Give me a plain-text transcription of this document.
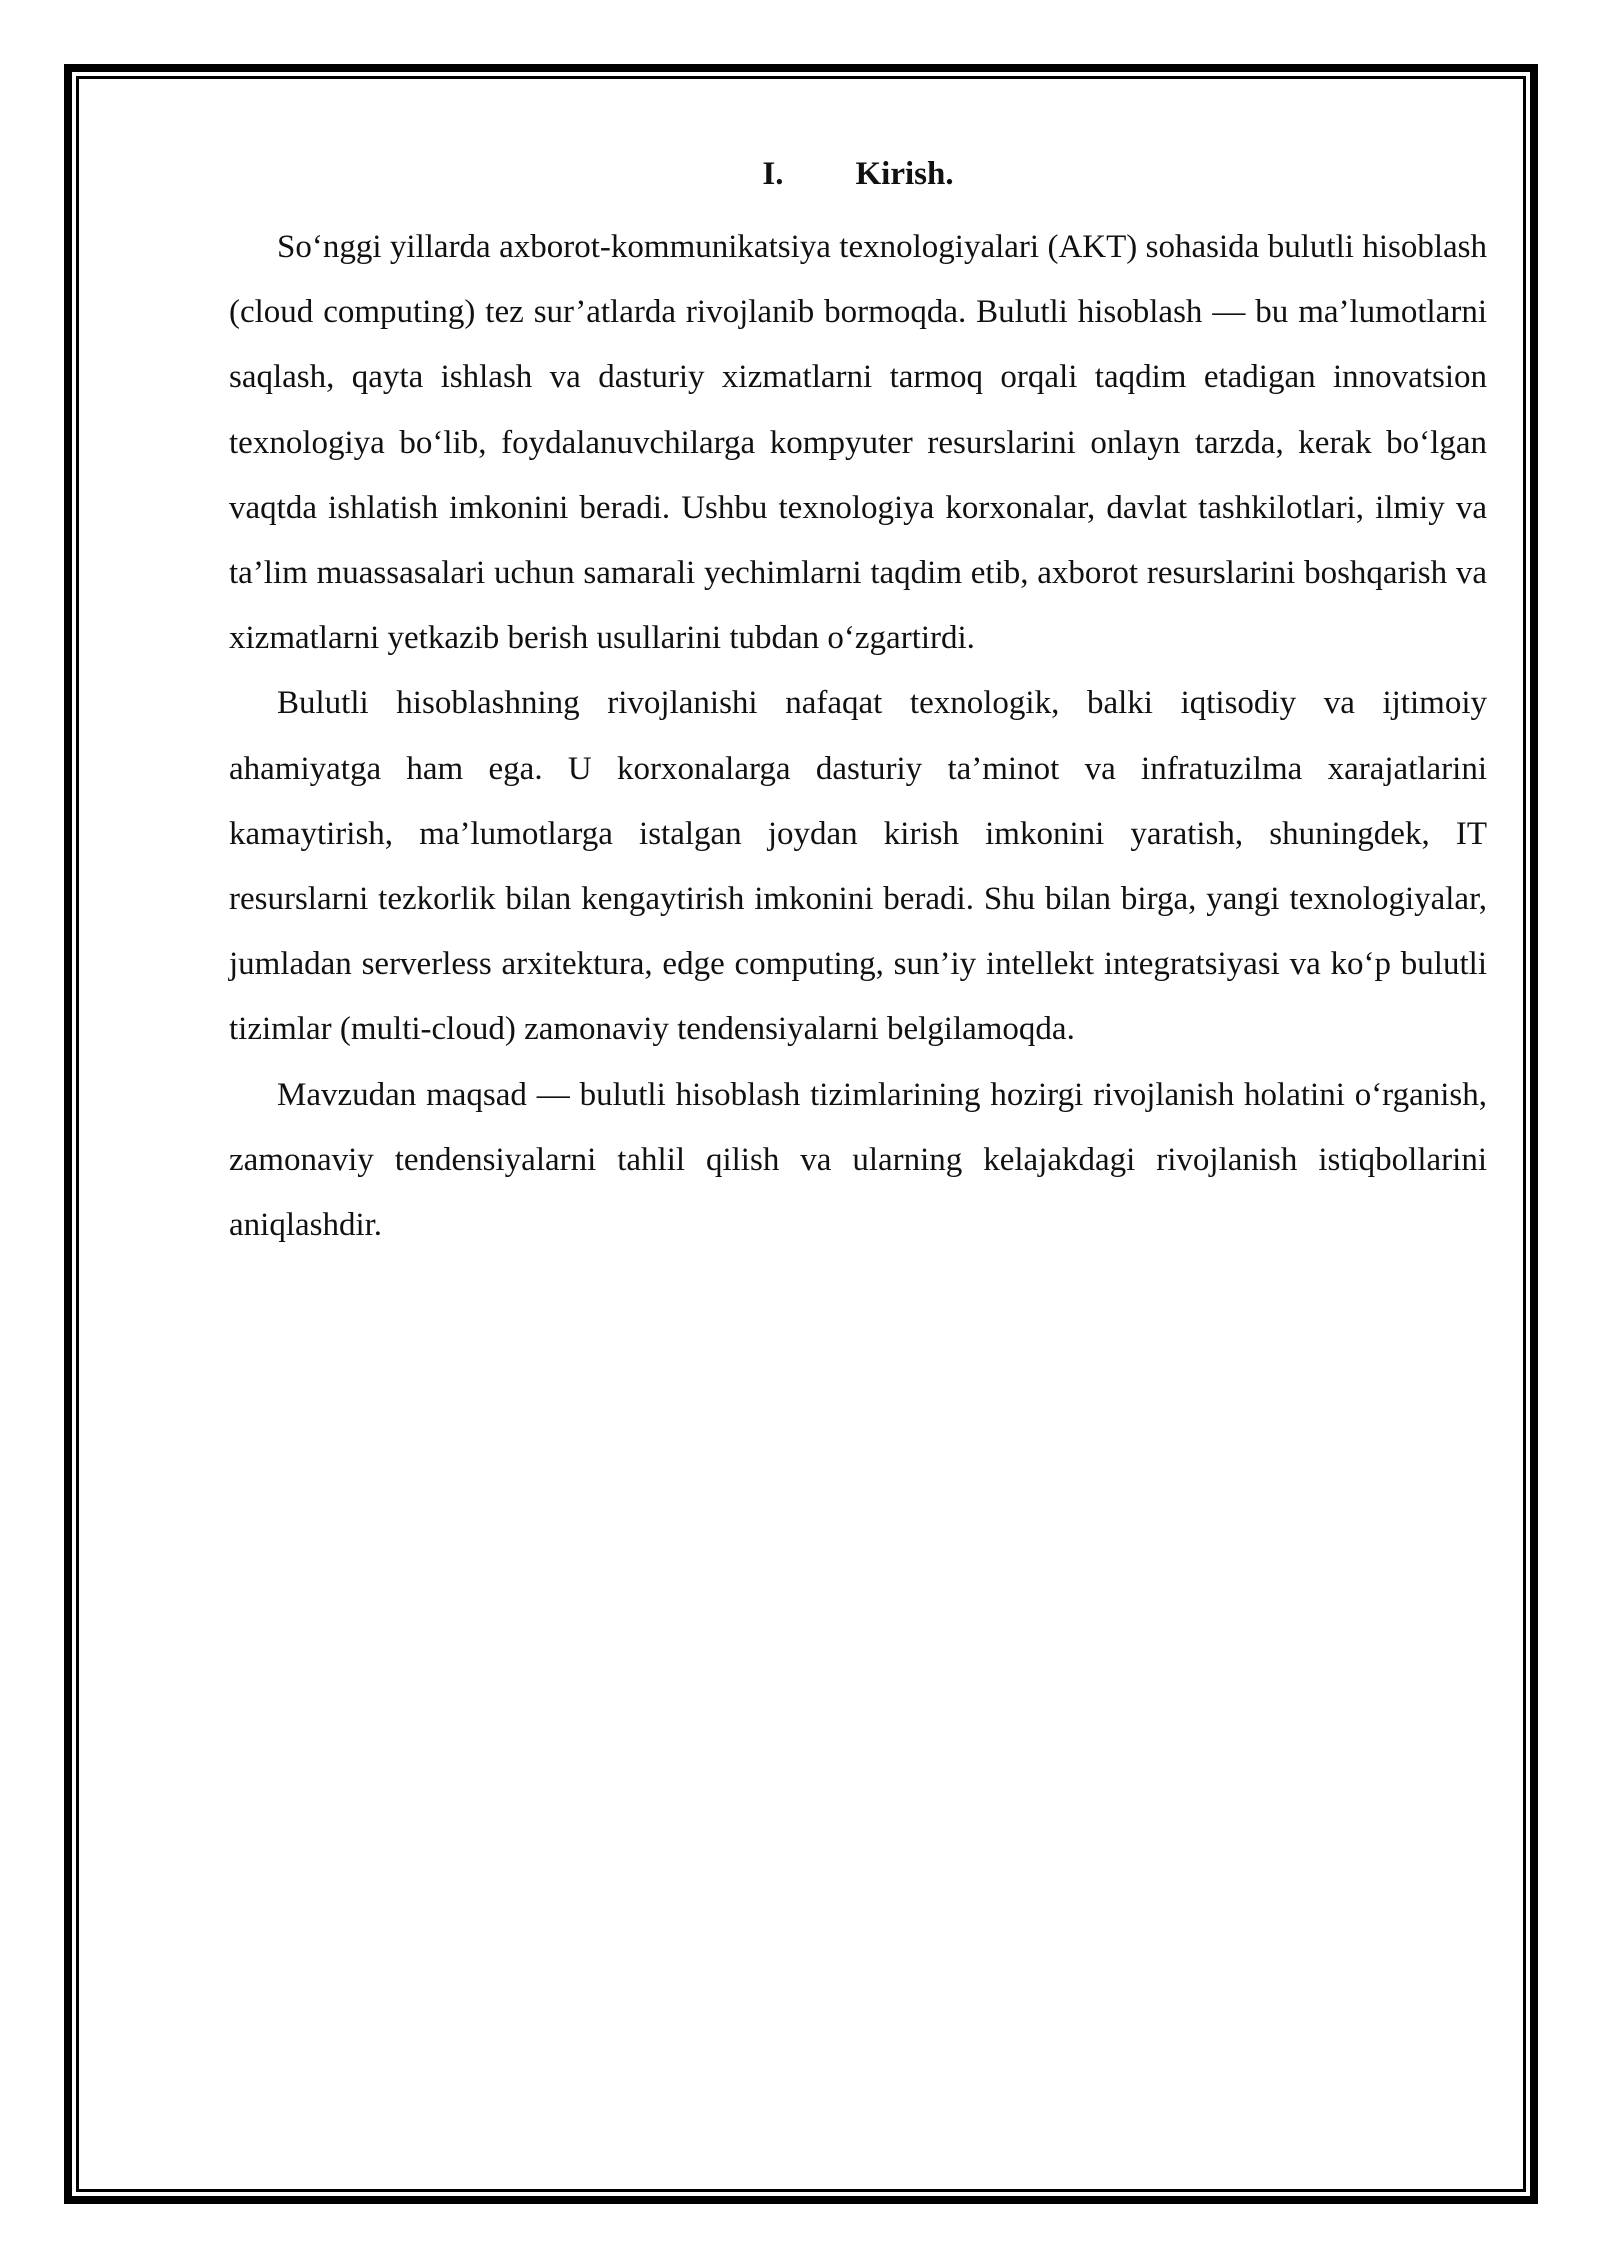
I. Kirish.

So‘nggi yillarda axborot-kommunikatsiya texnologiyalari (AKT) sohasida bulutli hisoblash (cloud computing) tez sur’atlarda rivojlanib bormoqda. Bulutli hisoblash — bu ma’lumotlarni saqlash, qayta ishlash va dasturiy xizmatlarni tarmoq orqali taqdim etadigan innovatsion texnologiya bo‘lib, foydalanuvchilarga kompyuter resurslarini onlayn tarzda, kerak bo‘lgan vaqtda ishlatish imkonini beradi. Ushbu texnologiya korxonalar, davlat tashkilotlari, ilmiy va ta’lim muassasalari uchun samarali yechimlarni taqdim etib, axborot resurslarini boshqarish va xizmatlarni yetkazib berish usullarini tubdan o‘zgartirdi.

Bulutli hisoblashning rivojlanishi nafaqat texnologik, balki iqtisodiy va ijtimoiy ahamiyatga ham ega. U korxonalarga dasturiy ta’minot va infratuzilma xarajatlarini kamaytirish, ma’lumotlarga istalgan joydan kirish imkonini yaratish, shuningdek, IT resurslarni tezkorlik bilan kengaytirish imkonini beradi. Shu bilan birga, yangi texnologiyalar, jumladan serverless arxitektura, edge computing, sun’iy intellekt integratsiyasi va ko‘p bulutli tizimlar (multi-cloud) zamonaviy tendensiyalarni belgilamoqda.

Mavzudan maqsad — bulutli hisoblash tizimlarining hozirgi rivojlanish holatini o‘rganish, zamonaviy tendensiyalarni tahlil qilish va ularning kelajakdagi rivojlanish istiqbollarini aniqlashdir.
